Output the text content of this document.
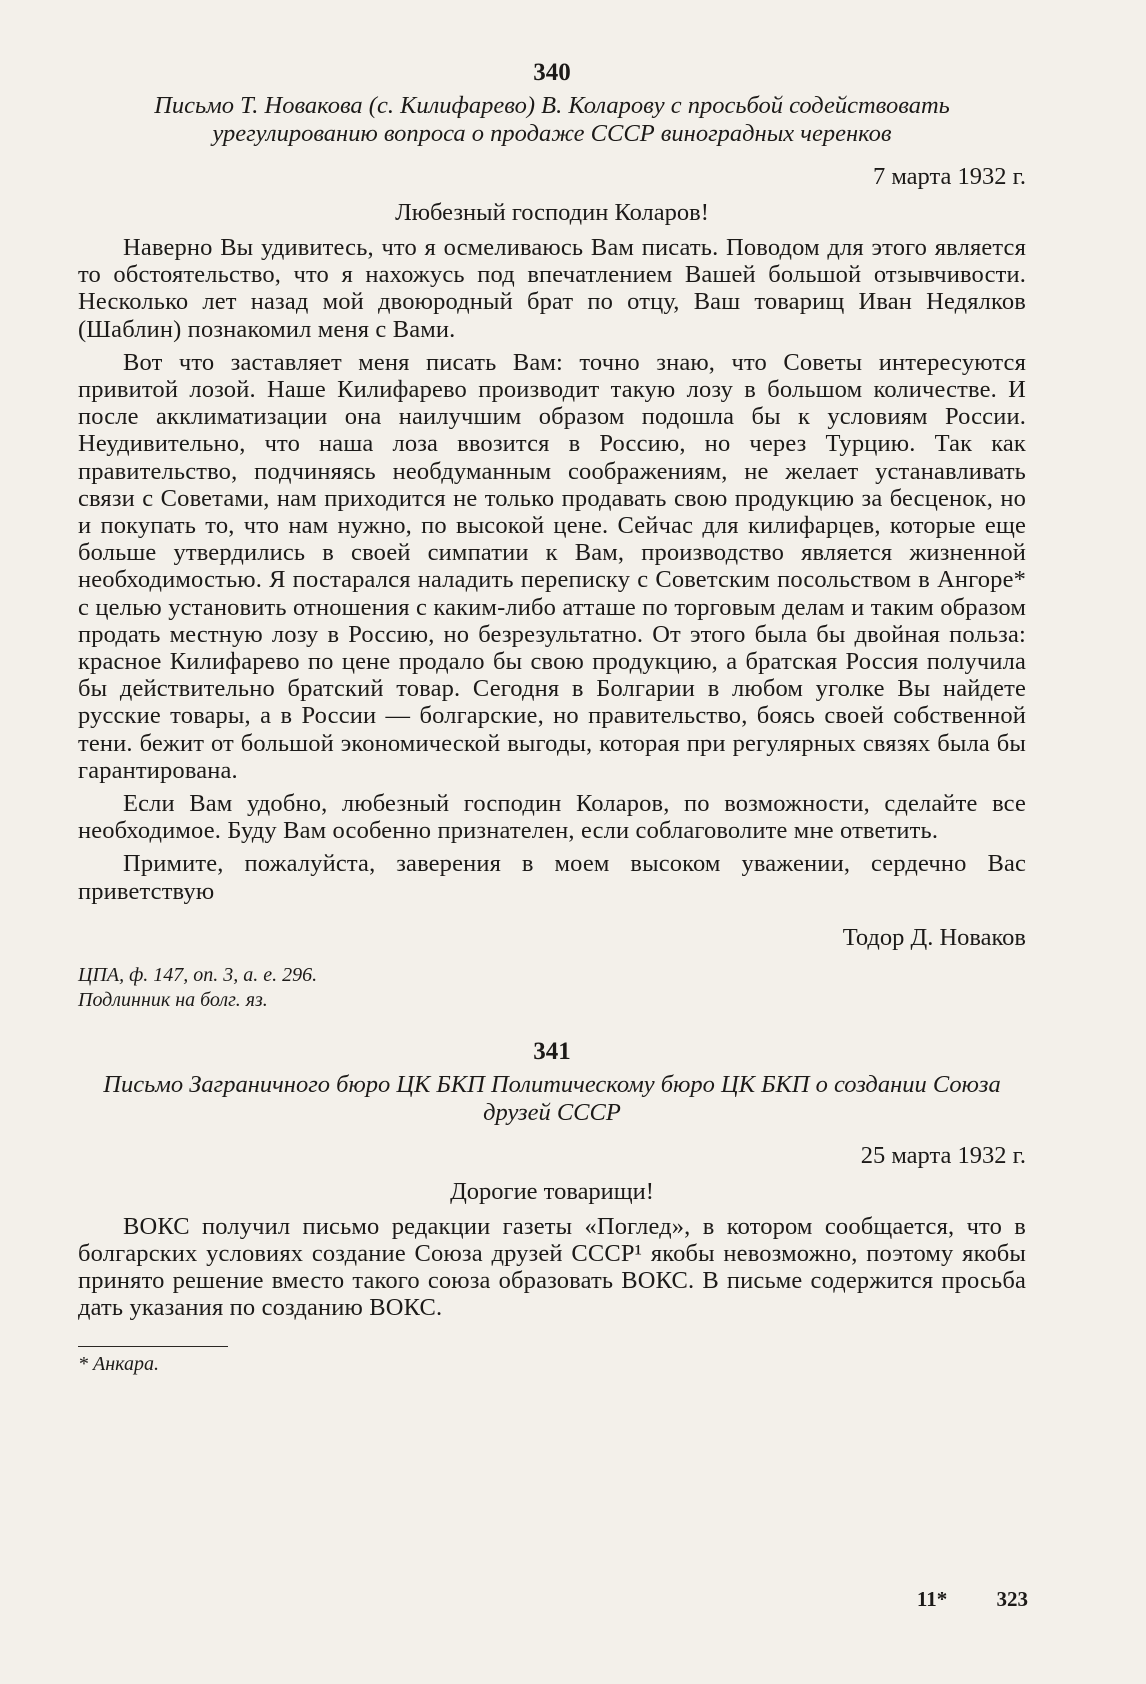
340

Письмо Т. Новакова (с. Килифарево) В. Коларову с просьбой содействовать урегулированию вопроса о продаже СССР виноградных черенков

7 марта 1932 г.

Любезный господин Коларов!

Наверно Вы удивитесь, что я осмеливаюсь Вам писать. Поводом для этого является то обстоятельство, что я нахожусь под впечатлением Вашей большой отзывчивости. Несколько лет назад мой двоюродный брат по отцу, Ваш товарищ Иван Недялков (Шаблин) познакомил меня с Вами.

Вот что заставляет меня писать Вам: точно знаю, что Советы интересуются привитой лозой. Наше Килифарево производит такую лозу в большом количестве. И после акклиматизации она наилучшим образом подошла бы к условиям России. Неудивительно, что наша лоза ввозится в Россию, но через Турцию. Так как правительство, подчиняясь необдуманным соображениям, не желает устанавливать связи с Советами, нам приходится не только продавать свою продукцию за бесценок, но и покупать то, что нам нужно, по высокой цене. Сейчас для килифарцев, которые еще больше утвердились в своей симпатии к Вам, производство является жизненной необходимостью. Я постарался наладить переписку с Советским посольством в Ангоре* с целью установить отношения с каким-либо атташе по торговым делам и таким образом продать местную лозу в Россию, но безрезультатно. От этого была бы двойная польза: красное Килифарево по цене продало бы свою продукцию, а братская Россия получила бы действительно братский товар. Сегодня в Болгарии в любом уголке Вы найдете русские товары, а в России — болгарские, но правительство, боясь своей собственной тени. бежит от большой экономической выгоды, которая при регулярных связях была бы гарантирована.

Если Вам удобно, любезный господин Коларов, по возможности, сделайте все необходимое. Буду Вам особенно признателен, если соблаговолите мне ответить.

Примите, пожалуйста, заверения в моем высоком уважении, сердечно Вас приветствую

Тодор Д. Новаков

ЦПА, ф. 147, оп. 3, а. е. 296.
Подлинник на болг. яз.

341

Письмо Заграничного бюро ЦК БКП Политическому бюро ЦК БКП о создании Союза друзей СССР

25 марта 1932 г.

Дорогие товарищи!

ВОКС получил письмо редакции газеты «Поглед», в котором сообщается, что в болгарских условиях создание Союза друзей СССР¹ якобы невозможно, поэтому якобы принято решение вместо такого союза образовать ВОКС. В письме содержится просьба дать указания по созданию ВОКС.

* Анкара.

11* 323
